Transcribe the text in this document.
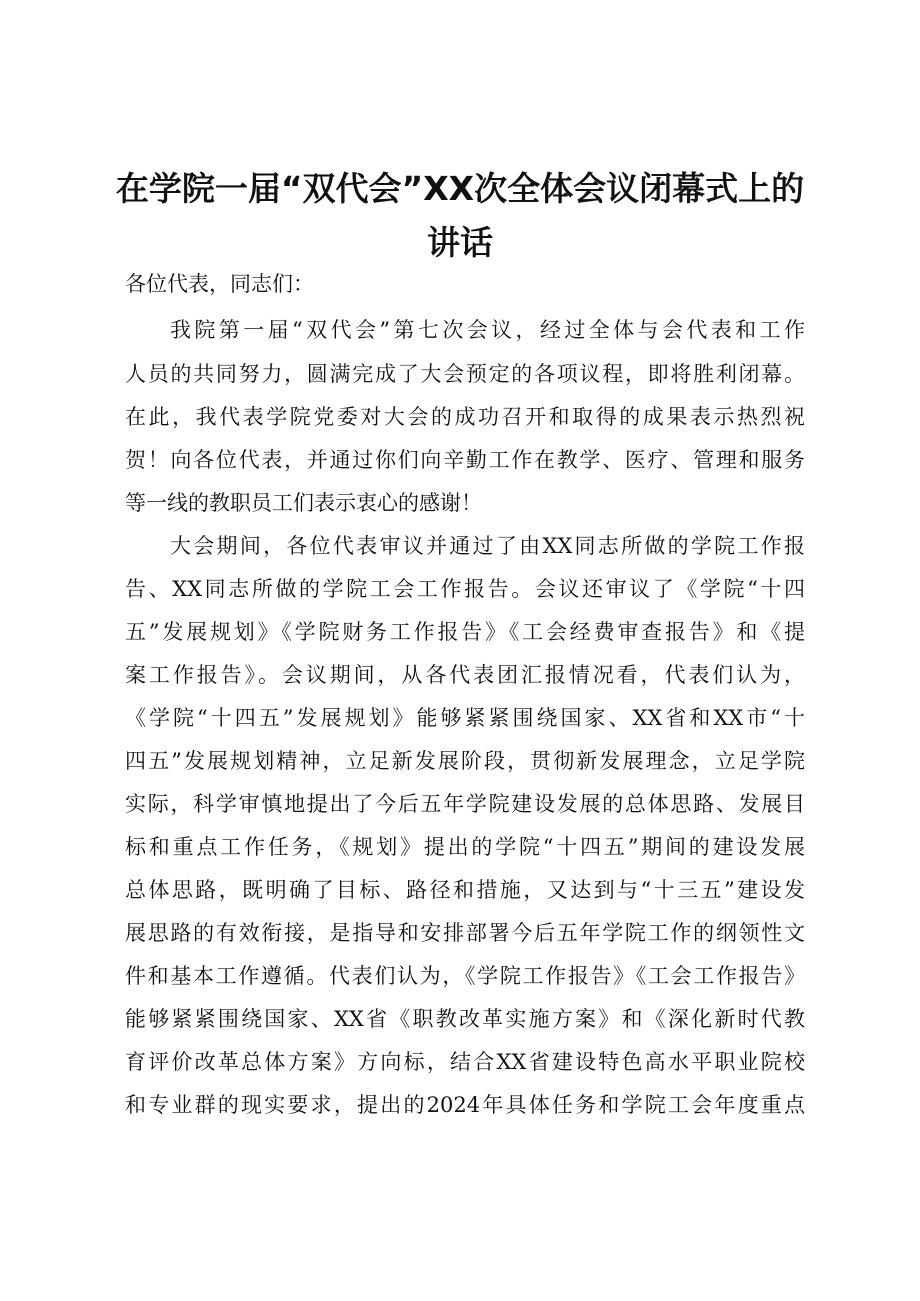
在学院一届“双代会”XX次全体会议闭幕式上的
讲话
各位代表，同志们：
我院第一届“双代会”第七次会议，经过全体与会代表和工作
人员的共同努力，圆满完成了大会预定的各项议程，即将胜利闭幕。
在此，我代表学院党委对大会的成功召开和取得的成果表示热烈祝
贺！向各位代表，并通过你们向辛勤工作在教学、医疗、管理和服务
等一线的教职员工们表示衷心的感谢！
大会期间，各位代表审议并通过了由XX同志所做的学院工作报
告、XX同志所做的学院工会工作报告。会议还审议了《学院“十四
五”发展规划》《学院财务工作报告》《工会经费审查报告》和《提
案工作报告》。会议期间，从各代表团汇报情况看，代表们认为，
《学院“十四五”发展规划》能够紧紧围绕国家、XX省和XX市“十
四五”发展规划精神，立足新发展阶段，贯彻新发展理念，立足学院
实际，科学审慎地提出了今后五年学院建设发展的总体思路、发展目
标和重点工作任务，《规划》提出的学院“十四五”期间的建设发展
总体思路，既明确了目标、路径和措施，又达到与“十三五”建设发
展思路的有效衔接，是指导和安排部署今后五年学院工作的纲领性文
件和基本工作遵循。代表们认为，《学院工作报告》《工会工作报告》
能够紧紧围绕国家、XX省《职教改革实施方案》和《深化新时代教
育评价改革总体方案》方向标，结合XX省建设特色高水平职业院校
和专业群的现实要求，提出的2024年具体任务和学院工会年度重点
